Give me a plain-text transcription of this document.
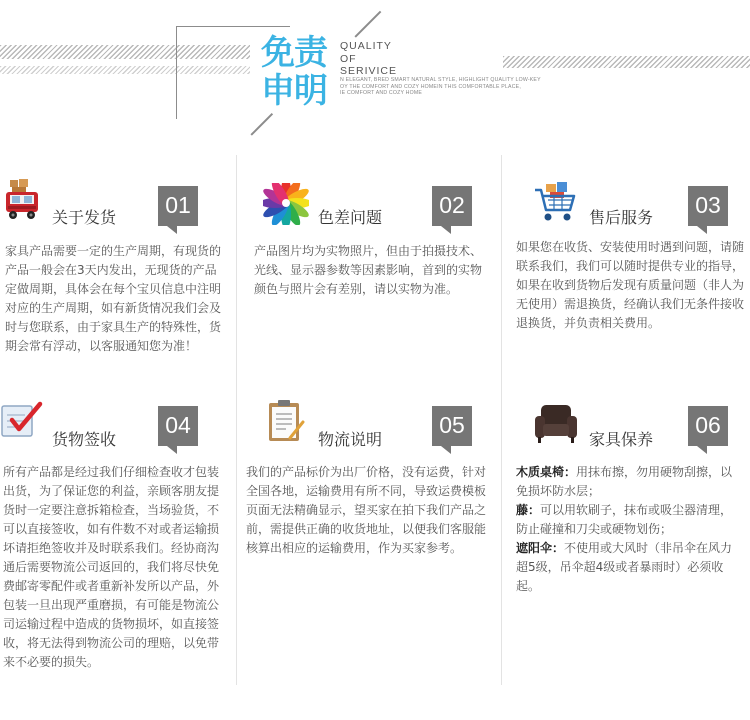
免责
申明
QUALITY
OF
SERIVICE
N ELEGANT, BRED SMART NATURAL STYLE, HIGHLIGHT QUALITY LOW-KEY
OY THE COMFORT AND COZY HOMEIN THIS COMFORTABLE PLACE,
IE COMFORT AND COZY HOME
关于发货	01
家具产品需要一定的生产周期，有现货的产品一般会在3天内发出，无现货的产品定做周期，具体会在每个宝贝信息中注明对应的生产周期，如有新货情况我们会及时与您联系，由于家具生产的特殊性，货期会常有浮动，以客服通知您为准！
色差问题	02
产品图片均为实物照片，但由于拍摄技术、光线、显示器参数等因素影响，首到的实物颜色与照片会有差别，请以实物为准。
售后服务	03
如果您在收货、安装使用时遇到问题，请随联系我们，我们可以随时提供专业的指导，如果在收到货物后发现有质量问题（非人为无使用）需退换货，经确认我们无条件接收退换货，并负责相关费用。
货物签收
04
所有产品都是经过我们仔细检查收才包装出货，为了保证您的利益，亲顾客朋友提货时一定要注意拆箱检查，当场验货，不可以直接签收，如有件数不对或者运输损坏请拒绝签收并及时联系我们。经协商沟通后需要物流公司返回的，我们将尽快免费邮寄零配件或者重新补发所以产品，外包装一旦出现严重磨损，有可能是物流公司运输过程中造成的货物损坏，如直接签收，将无法得到物流公司的理赔，以免带来不必要的损失。
物流说明
05
我们的产品标价为出厂价格，没有运费，针对全国各地，运输费用有所不同，导致运费模板页面无法精确显示，望买家在拍下我们产品之前，需提供正确的收货地址，以便我们客服能核算出相应的运输费用，作为买家参考。
家具保养
06

木质桌椅：用抹布擦，勿用硬物刮擦，以免损坏防水层；

藤：可以用软刷子，抹布或吸尘器清理，防止碰撞和刀尖或硬物划伤；

遮阳伞：不使用或大风时（非吊伞在风力超5级，吊伞超4级或者暴雨时）必须收起。
